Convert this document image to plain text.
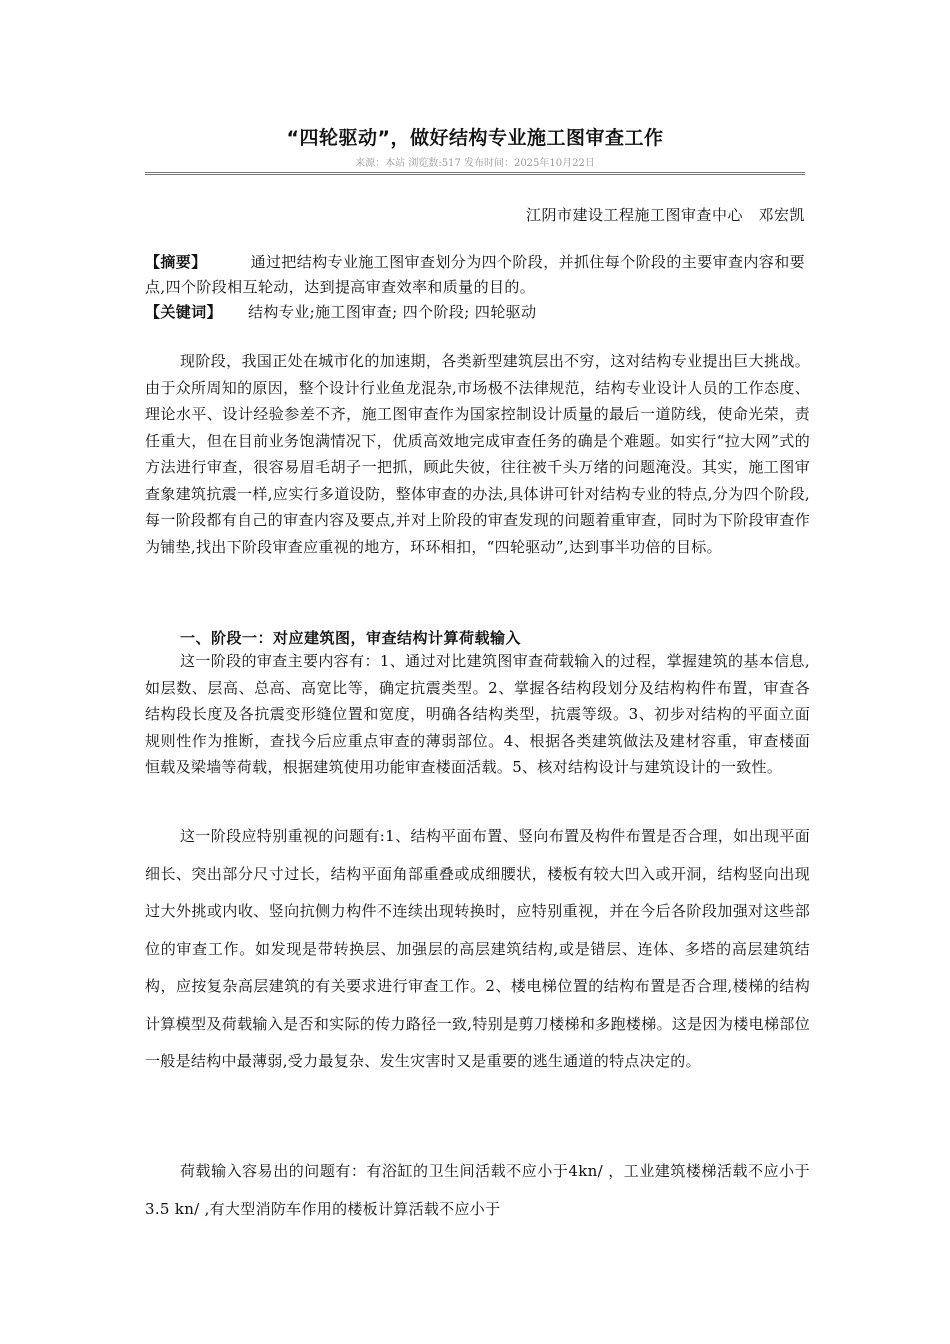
“四轮驱动”，做好结构专业施工图审查工作
来源：本站 浏览数:517 发布时间：2025年10月22日
江阴市建设工程施工图审查中心　邓宏凯
【摘要】	通过把结构专业施工图审查划分为四个阶段，并抓住每个阶段的主要审查内容和要点,四个阶段相互轮动，达到提高审查效率和质量的目的。
【关键词】 结构专业;施工图审查; 四个阶段; 四轮驱动

现阶段，我国正处在城市化的加速期，各类新型建筑层出不穷，这对结构专业提出巨大挑战。由于众所周知的原因，整个设计行业鱼龙混杂,市场极不法律规范，结构专业设计人员的工作态度、理论水平、设计经验参差不齐，施工图审查作为国家控制设计质量的最后一道防线，使命光荣，责任重大，但在目前业务饱满情况下，优质高效地完成审查任务的确是个难题。如实行“拉大网”式的方法进行审查，很容易眉毛胡子一把抓，顾此失彼，往往被千头万绪的问题淹没。其实，施工图审查象建筑抗震一样,应实行多道设防，整体审查的办法,具体讲可针对结构专业的特点,分为四个阶段,每一阶段都有自己的审查内容及要点,并对上阶段的审查发现的问题着重审查，同时为下阶段审查作为铺垫,找出下阶段审查应重视的地方，环环相扣，“四轮驱动”,达到事半功倍的目标。

一、阶段一：对应建筑图，审查结构计算荷载输入

这一阶段的审查主要内容有：1、通过对比建筑图审查荷载输入的过程，掌握建筑的基本信息,如层数、层高、总高、高宽比等，确定抗震类型。2、掌握各结构段划分及结构构件布置，审查各结构段长度及各抗震变形缝位置和宽度，明确各结构类型，抗震等级。3、初步对结构的平面立面规则性作为推断，查找今后应重点审查的薄弱部位。4、根据各类建筑做法及建材容重，审查楼面恒载及梁墙等荷载，根据建筑使用功能审查楼面活载。5、核对结构设计与建筑设计的一致性。

这一阶段应特别重视的问题有:1、结构平面布置、竖向布置及构件布置是否合理，如出现平面细长、突出部分尺寸过长，结构平面角部重叠或成细腰状，楼板有较大凹入或开洞，结构竖向出现过大外挑或内收、竖向抗侧力构件不连续出现转换时，应特别重视，并在今后各阶段加强对这些部位的审查工作。如发现是带转换层、加强层的高层建筑结构,或是错层、连体、多塔的高层建筑结构，应按复杂高层建筑的有关要求进行审查工作。2、楼电梯位置的结构布置是否合理,楼梯的结构计算模型及荷载输入是否和实际的传力路径一致,特别是剪刀楼梯和多跑楼梯。这是因为楼电梯部位一般是结构中最薄弱,受力最复杂、发生灾害时又是重要的逃生通道的特点决定的。

荷载输入容易出的问题有：有浴缸的卫生间活载不应小于4kn/ ，工业建筑楼梯活载不应小于3.5 kn/ ,有大型消防车作用的楼板计算活载不应小于
